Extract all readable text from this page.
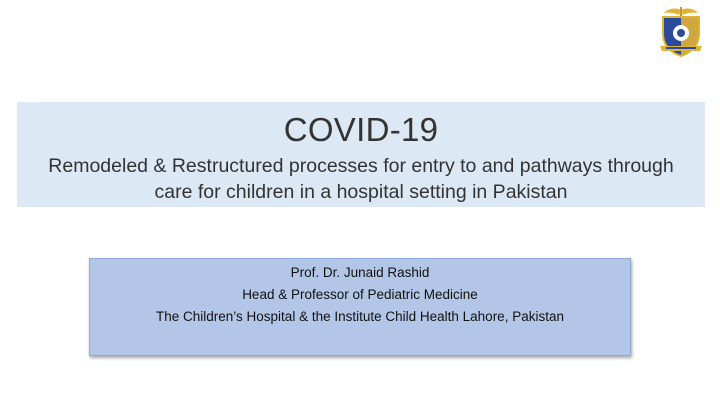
COVID-19
Remodeled & Restructured processes for entry to and pathways through care for children in a hospital setting in Pakistan
Prof. Dr. Junaid Rashid
Head & Professor of Pediatric Medicine
The Children’s Hospital & the Institute Child Health Lahore, Pakistan
